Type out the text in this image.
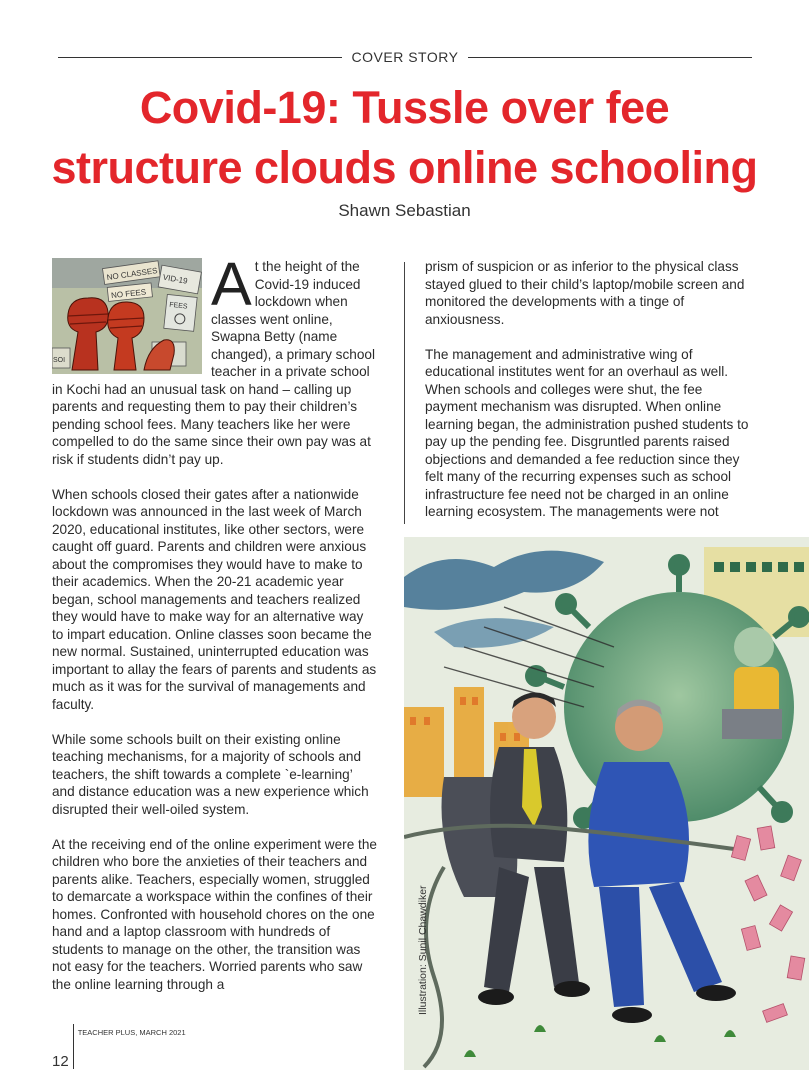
COVER STORY
Covid-19: Tussle over fee
structure clouds online schooling
Shawn Sebastian

NO CLASSES
NO FEES
VID-19
FEES
SOI
A t the height of the Covid-19 induced lockdown when classes went online, Swapna Betty (name changed), a primary school teacher in a private school in Kochi had an unusual task on hand – calling up parents and requesting them to pay their children’s pending school fees. Many teachers like her were compelled to do the same since their own pay was at risk if students didn’t pay up.

When schools closed their gates after a nationwide lockdown was announced in the last week of March 2020, educational institutes, like other sectors, were caught off guard. Parents and children were anxious about the compromises they would have to make to their academics. When the 20-21 academic year began, school managements and teachers realized they would have to make way for an alternative way to impart education. Online classes soon became the new normal. Sustained, uninterrupted education was important to allay the fears of parents and students as much as it was for the survival of managements and faculty.

While some schools built on their existing online teaching mechanisms, for a majority of schools and teachers, the shift towards a complete `e-learning’ and distance education was a new experience which disrupted their well-oiled system.

At the receiving end of the online experiment were the children who bore the anxieties of their teachers and parents alike. Teachers, especially women, struggled to demarcate a workspace within the confines of their homes. Confronted with household chores on the one hand and a laptop classroom with hundreds of students to manage on the other, the transition was not easy for the teachers. Worried parents who saw the online learning through a

prism of suspicion or as inferior to the physical class stayed glued to their child’s laptop/mobile screen and monitored the developments with a tinge of anxiousness.

The management and administrative wing of educational institutes went for an overhaul as well. When schools and colleges were shut, the fee payment mechanism was disrupted. When online learning began, the administration pushed students to pay up the pending fee. Disgruntled parents raised objections and demanded a fee reduction since they felt many of the recurring expenses such as school infrastructure fee need not be charged in an online learning ecosystem. The managements were not

Illustration: Sunil Chawdiker
12
TEACHER PLUS, MARCH 2021
